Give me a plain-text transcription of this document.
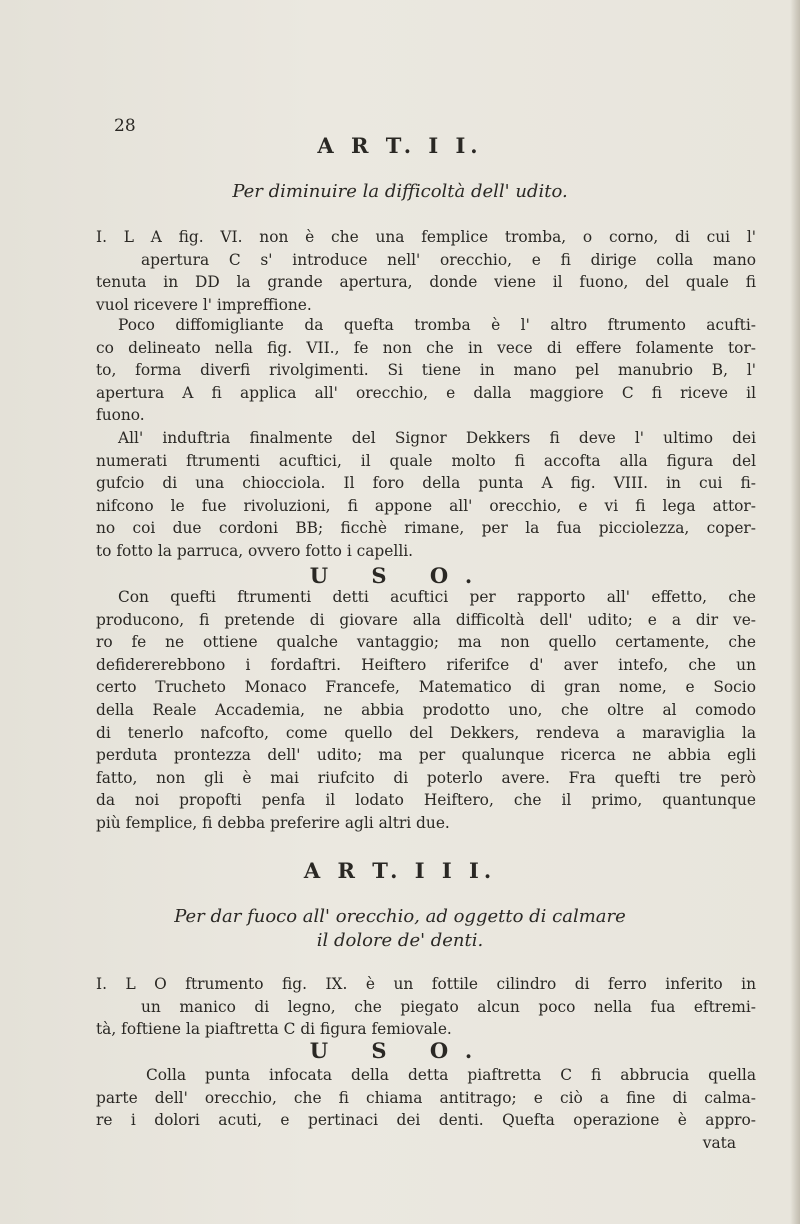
28
A R T. I I.
Per diminuire la difficoltà dell' udito.
I. L A fig. VI. non è che una femplice tromba, o corno, di cui l'
apertura C s' introduce nell' orecchio, e fi dirige colla mano
tenuta in DD la grande apertura, donde viene il fuono, del quale fi
vuol ricevere l' impreffione.
Poco diffomigliante da quefta tromba è l' altro ftrumento acufti-
co delineato nella fig. VII., fe non che in vece di effere folamente tor-
to, forma diverfi rivolgimenti. Si tiene in mano pel manubrio B, l'
apertura A fi applica all' orecchio, e dalla maggiore C fi riceve il
fuono.
All' induftria finalmente del Signor Dekkers fi deve l' ultimo dei
numerati ftrumenti acuftici, il quale molto fi accofta alla figura del
gufcio di una chiocciola. Il foro della punta A fig. VIII. in cui fi-
nifcono le fue rivoluzioni, fi appone all' orecchio, e vi fi lega attor-
no coi due cordoni BB; ficchè rimane, per la fua picciolezza, coper-
to fotto la parruca, ovvero fotto i capelli.
U S O.
Con quefti ftrumenti detti acuftici per rapporto all' effetto, che
producono, fi pretende di giovare alla difficoltà dell' udito; e a dir ve-
ro fe ne ottiene qualche vantaggio; ma non quello certamente, che
defidererebbono i fordaftri. Heiftero riferifce d' aver intefo, che un
certo Trucheto Monaco Francefe, Matematico di gran nome, e Socio
della Reale Accademia, ne abbia prodotto uno, che oltre al comodo
di tenerlo nafcofto, come quello del Dekkers, rendeva a maraviglia la
perduta prontezza dell' udito; ma per qualunque ricerca ne abbia egli
fatto, non gli è mai riufcito di poterlo avere. Fra quefti tre però
da noi propofti penfa il lodato Heiftero, che il primo, quantunque
più femplice, fi debba preferire agli altri due.
A R T. I I I.
Per dar fuoco all' orecchio, ad oggetto di calmare
il dolore de' denti.
I. L O ftrumento fig. IX. è un fottile cilindro di ferro inferito in
un manico di legno, che piegato alcun poco nella fua eftremi-
tà, foftiene la piaftretta C di figura femiovale.
U S O.
Colla punta infocata della detta piaftretta C fi abbrucia quella
parte dell' orecchio, che fi chiama antitrago; e ciò a fine di calma-
re i dolori acuti, e pertinaci dei denti. Quefta operazione è appro-
vata
